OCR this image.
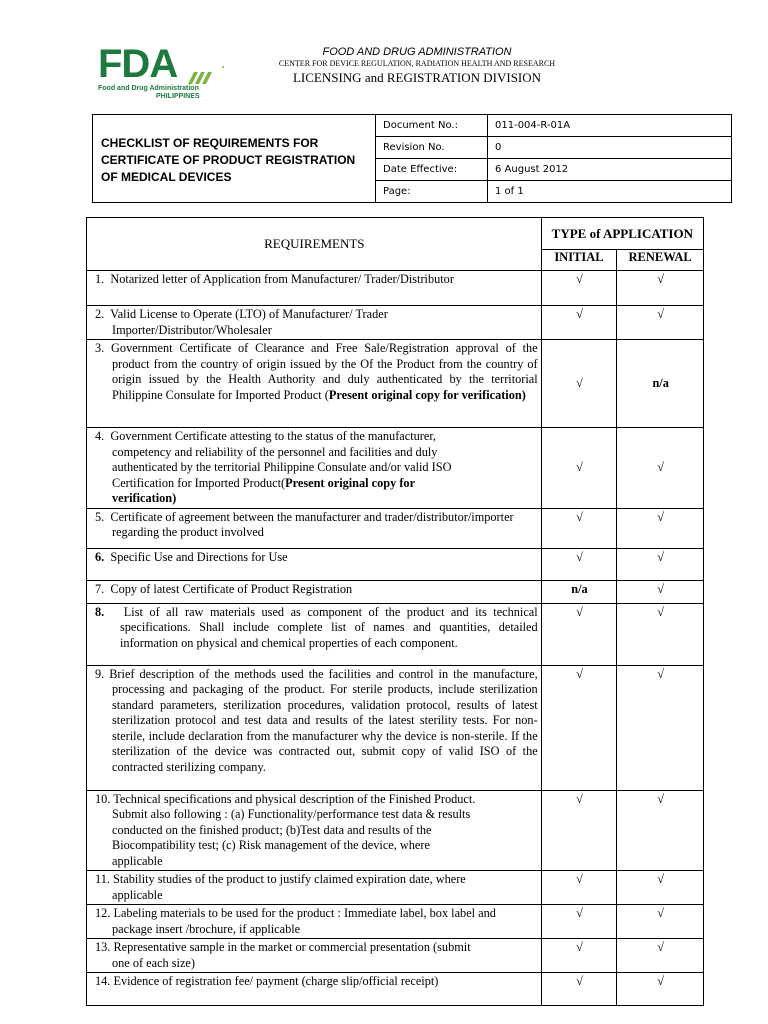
FDA
Food and Drug Administration
PHILIPPINES
FOOD AND DRUG ADMINISTRATION
CENTER FOR DEVICE REGULATION, RADIATION HEALTH AND RESEARCH
LICENSING and REGISTRATION DIVISION
CHECKLIST OF REQUIREMENTS FOR CERTIFICATE OF PRODUCT REGISTRATION OF MEDICAL DEVICES
Document No.:	011-004-R-01A
Revision No.	0
Date Effective:	6 August 2012
Page:	1 of 1
REQUIREMENTS	TYPE of APPLICATION	
	INITIAL	RENEWAL

1. Notarized letter of Application from Manufacturer/ Trader/Distributor	√	√

2. Valid License to Operate (LTO) of Manufacturer/ Trader Importer/Distributor/Wholesaler	√	√

3. Government Certificate of Clearance and Free Sale/Registration approval of the product from the country of origin issued by the Of the Product from the country of origin issued by the Health Authority and duly authenticated by the territorial Philippine Consulate for Imported Product (Present original copy for verification)	√	n/a

4. Government Certificate attesting to the status of the manufacturer, competency and reliability of the personnel and facilities and duly authenticated by the territorial Philippine Consulate and/or valid ISO Certification for Imported Product(Present original copy for verification)	√	√

5. Certificate of agreement between the manufacturer and trader/distributor/importer regarding the product involved	√	√

6. Specific Use and Directions for Use	√	√

7. Copy of latest Certificate of Product Registration	n/a	√

8. List of all raw materials used as component of the product and its technical specifications. Shall include complete list of names and quantities, detailed information on physical and chemical properties of each component.	√	√

9. Brief description of the methods used the facilities and control in the manufacture, processing and packaging of the product. For sterile products, include sterilization standard parameters, sterilization procedures, validation protocol, results of latest sterilization protocol and test data and results of the latest sterility tests. For non-sterile, include declaration from the manufacturer why the device is non-sterile. If the sterilization of the device was contracted out, submit copy of valid ISO of the contracted sterilizing company.	√	√

10. Technical specifications and physical description of the Finished Product. Submit also following : (a) Functionality/performance test data & results conducted on the finished product; (b)Test data and results of the Biocompatibility test; (c) Risk management of the device, where applicable	√	√

11. Stability studies of the product to justify claimed expiration date, where applicable	√	√

12. Labeling materials to be used for the product : Immediate label, box label and package insert /brochure, if applicable	√	√

13. Representative sample in the market or commercial presentation (submit one of each size)	√	√

14. Evidence of registration fee/ payment (charge slip/official receipt)	√	√
